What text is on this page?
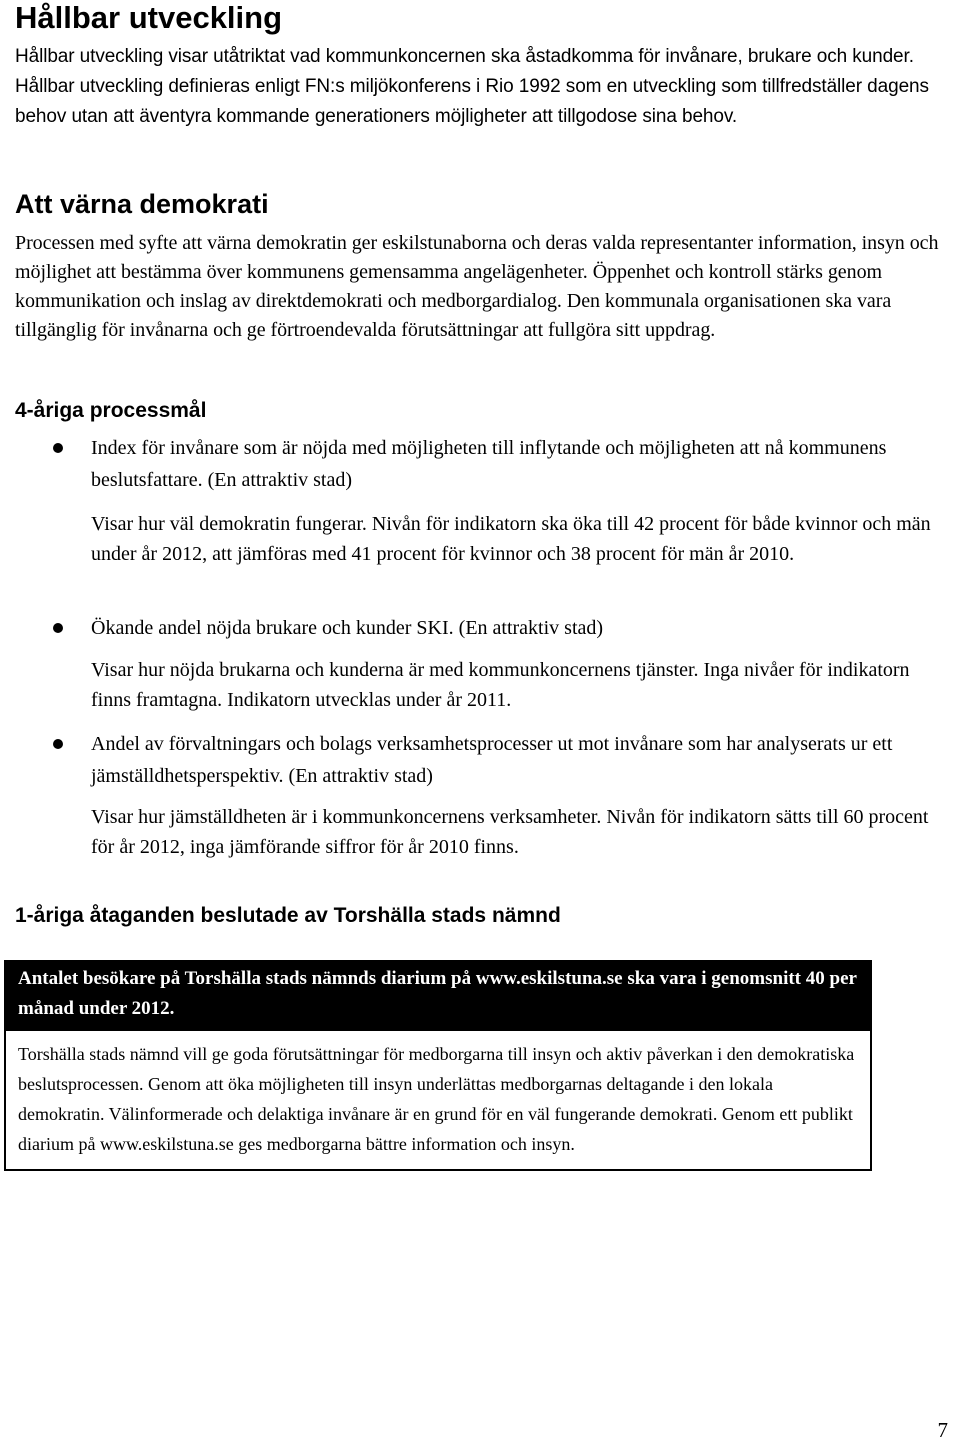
Hållbar utveckling

Hållbar utveckling visar utåtriktat vad kommunkoncernen ska åstadkomma för invånare, brukare och kunder. Hållbar utveckling definieras enligt FN:s miljökonferens i Rio 1992 som en utveckling som tillfredställer dagens behov utan att äventyra kommande generationers möjligheter att tillgodose sina behov.

Att värna demokrati

Processen med syfte att värna demokratin ger eskilstunaborna och deras valda representanter information, insyn och möjlighet att bestämma över kommunens gemensamma angelägenheter. Öppenhet och kontroll stärks genom kommunikation och inslag av direktdemokrati och medborgardialog. Den kommunala organisationen ska vara tillgänglig för invånarna och ge förtroendevalda förutsättningar att fullgöra sitt uppdrag.

4-åriga processmål

Index för invånare som är nöjda med möjligheten till inflytande och möjligheten att nå kommunens beslutsfattare. (En attraktiv stad)

Visar hur väl demokratin fungerar. Nivån för indikatorn ska öka till 42 procent för både kvinnor och män under år 2012, att jämföras med 41 procent för kvinnor och 38 procent för män år 2010.

Ökande andel nöjda brukare och kunder SKI. (En attraktiv stad)

Visar hur nöjda brukarna och kunderna är med kommunkoncernens tjänster. Inga nivåer för indikatorn finns framtagna. Indikatorn utvecklas under år 2011.

Andel av förvaltningars och bolags verksamhetsprocesser ut mot invånare som har analyserats ur ett jämställdhetsperspektiv. (En attraktiv stad)

Visar hur jämställdheten är i kommunkoncernens verksamheter. Nivån för indikatorn sätts till 60 procent för år 2012, inga jämförande siffror för år 2010 finns.

1-åriga åtaganden beslutade av Torshälla stads nämnd
Antalet besökare på Torshälla stads nämnds diarium på www.eskilstuna.se ska vara i genomsnitt 40 per månad under 2012.
Torshälla stads nämnd vill ge goda förutsättningar för medborgarna till insyn och aktiv påverkan i den demokratiska beslutsprocessen. Genom att öka möjligheten till insyn underlättas medborgarnas deltagande i den lokala demokratin. Välinformerade och delaktiga invånare är en grund för en väl fungerande demokrati. Genom ett publikt diarium på www.eskilstuna.se ges medborgarna bättre information och insyn.
7
